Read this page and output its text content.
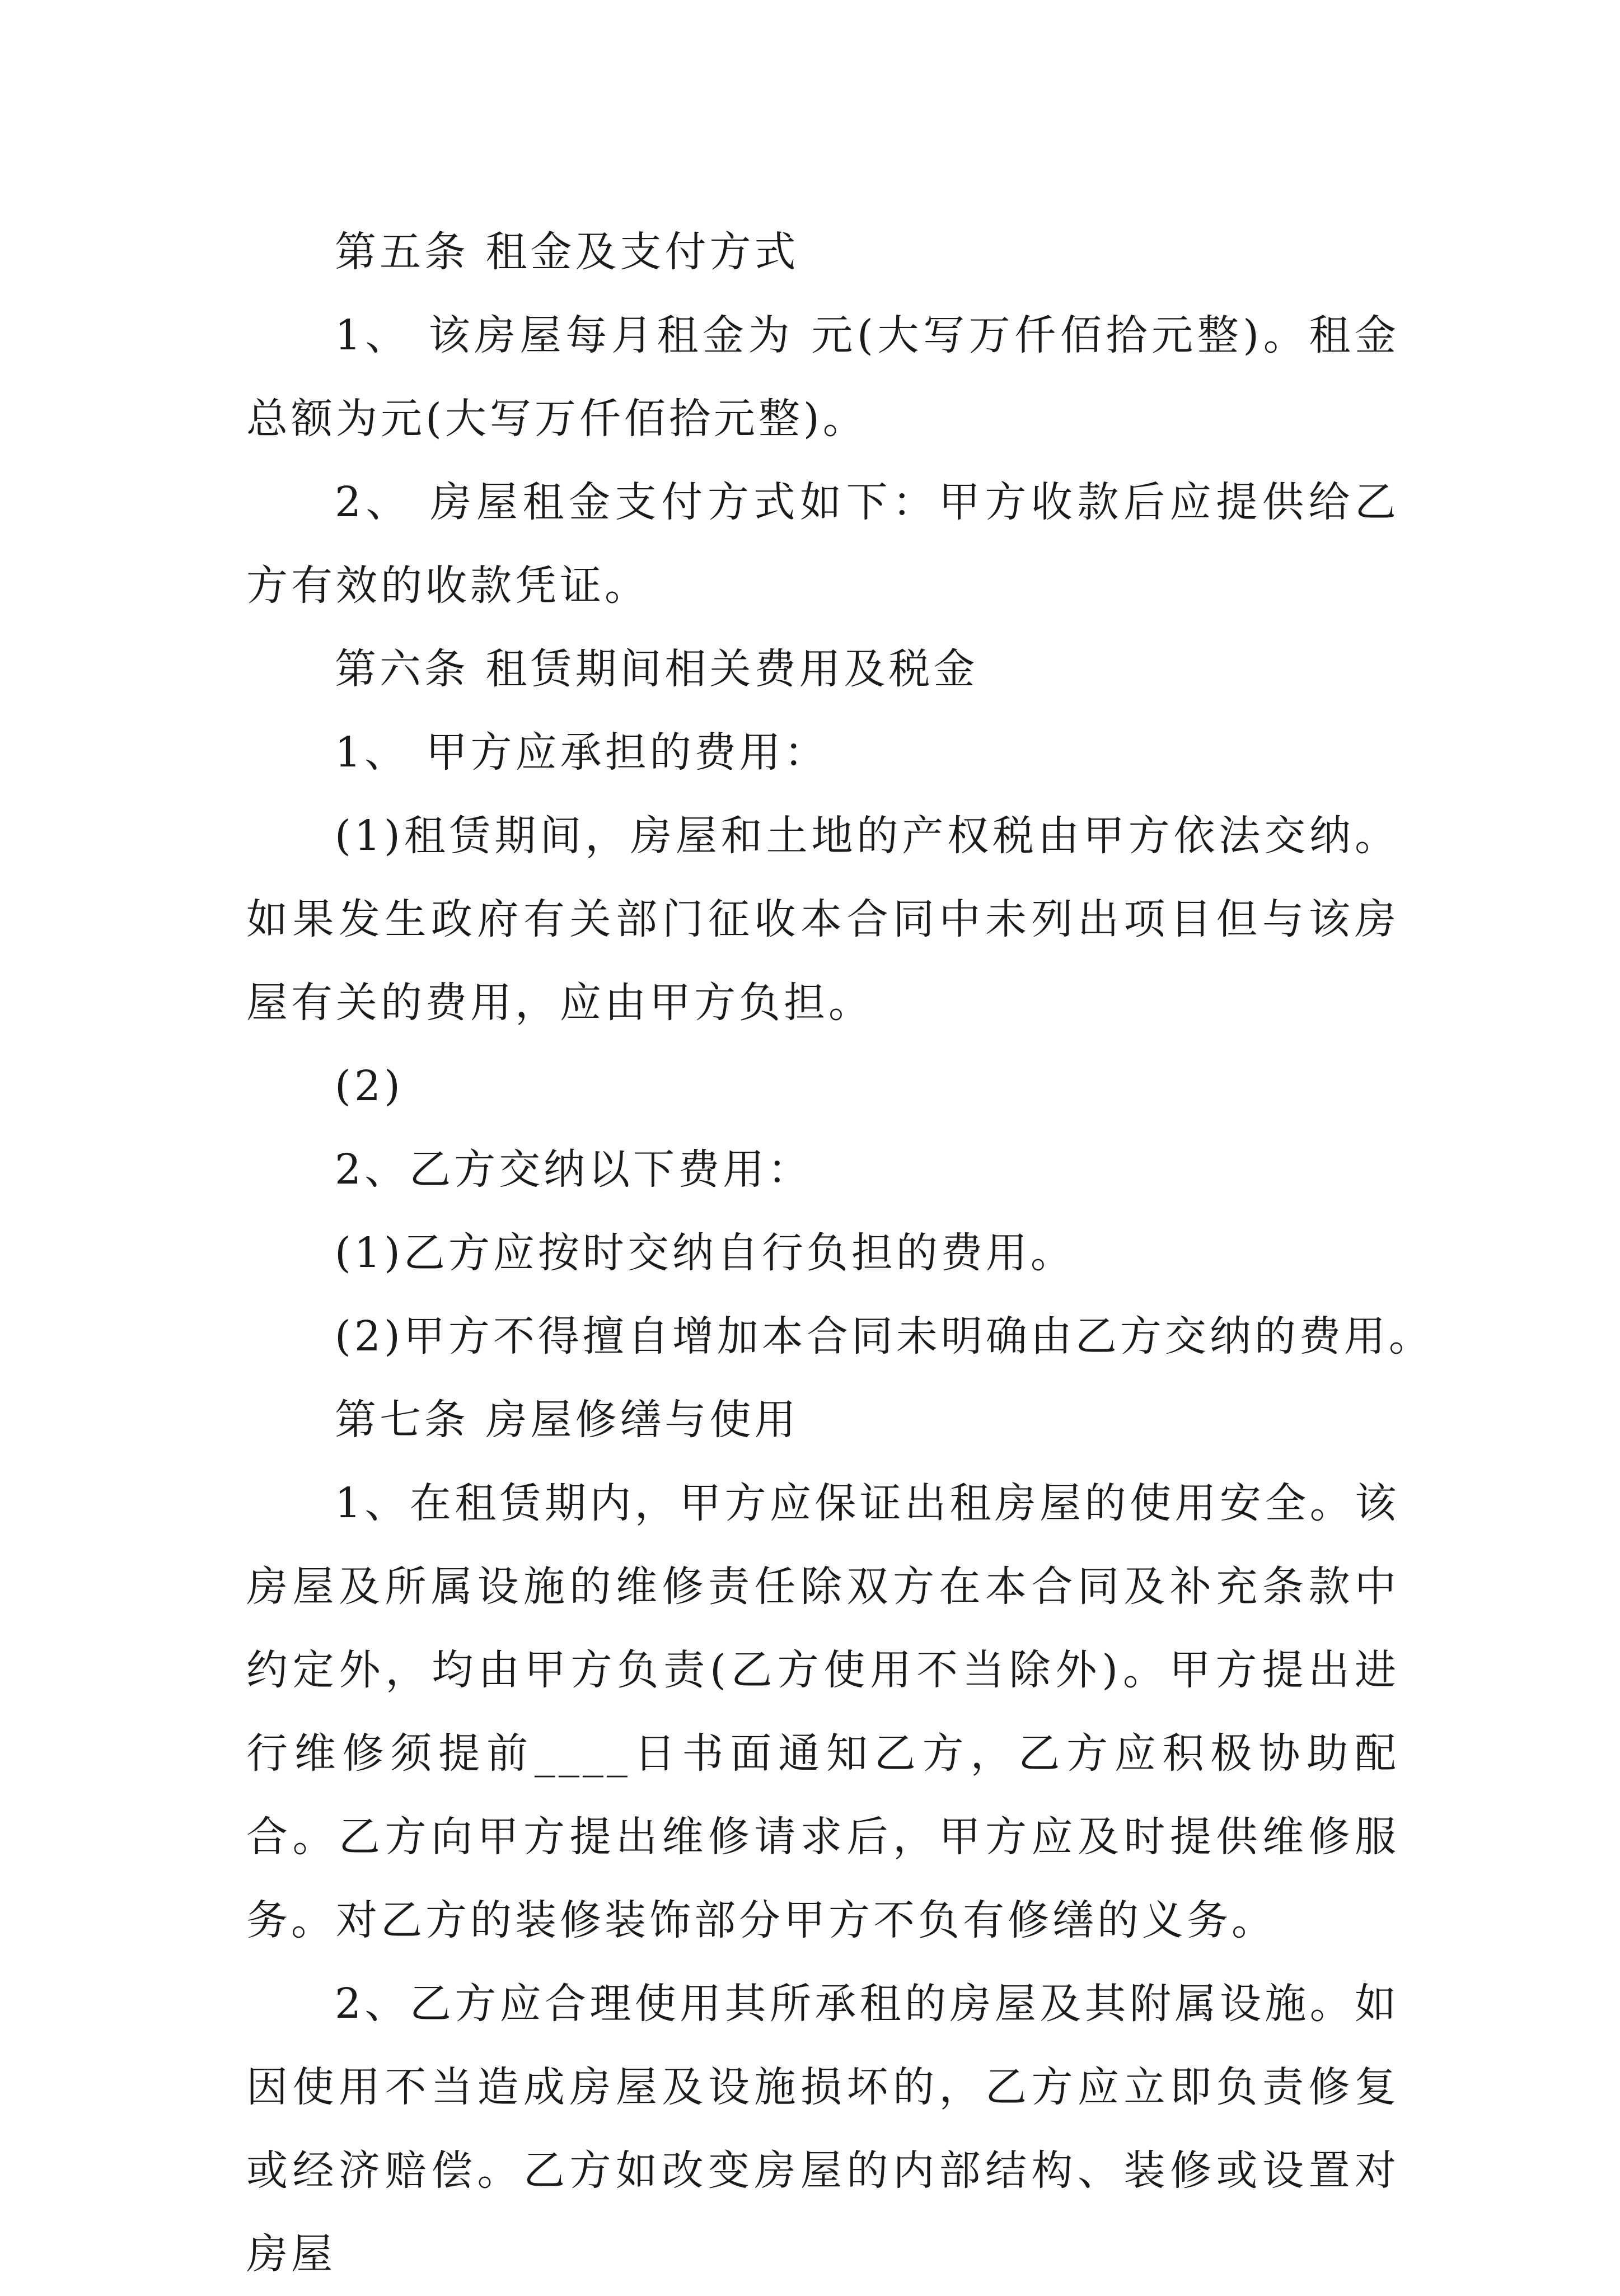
第五条 租金及支付方式

1、 该房屋每月租金为 元(大写万仟佰拾元整)。租金总额为元(大写万仟佰拾元整)。

2、 房屋租金支付方式如下：甲方收款后应提供给乙方有效的收款凭证。

第六条 租赁期间相关费用及税金

1、 甲方应承担的费用：

(1)租赁期间，房屋和土地的产权税由甲方依法交纳。如果发生政府有关部门征收本合同中未列出项目但与该房屋有关的费用，应由甲方负担。

(2)

2、乙方交纳以下费用：

(1)乙方应按时交纳自行负担的费用。

(2)甲方不得擅自增加本合同未明确由乙方交纳的费用。

第七条 房屋修缮与使用

1、在租赁期内，甲方应保证出租房屋的使用安全。该房屋及所属设施的维修责任除双方在本合同及补充条款中约定外，均由甲方负责(乙方使用不当除外)。甲方提出进行维修须提前____日书面通知乙方，乙方应积极协助配合。乙方向甲方提出维修请求后，甲方应及时提供维修服务。对乙方的装修装饰部分甲方不负有修缮的义务。

2、乙方应合理使用其所承租的房屋及其附属设施。如因使用不当造成房屋及设施损坏的，乙方应立即负责修复或经济赔偿。乙方如改变房屋的内部结构、装修或设置对房屋
